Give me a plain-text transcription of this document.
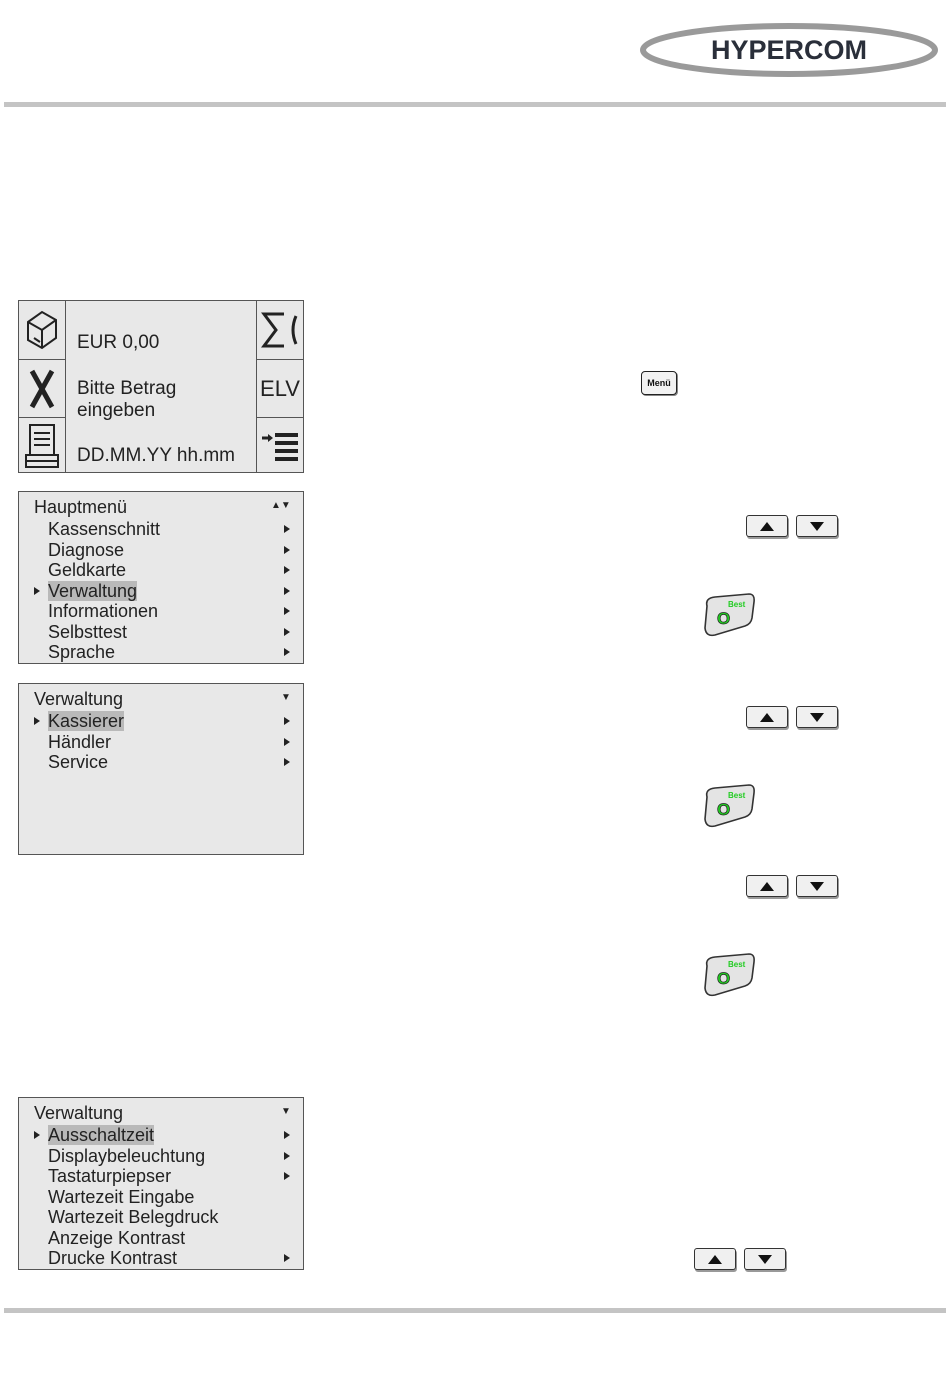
HYPERCOM
EUR 0,00
Bitte Betrag
eingeben
DD.MM.YY hh.mm
ELV	Menü
Hauptmenü	▲▼
Kassenschnitt
Diagnose
Geldkarte
Verwaltung
Informationen
Selbsttest
Sprache
Verwaltung	▼
Kassierer
Händler
Service
Verwaltung	▼
Ausschaltzeit
Displaybeleuchtung
Tastaturpiepser
Wartezeit Eingabe
Wartezeit Belegdruck
Anzeige Kontrast
Drucke Kontrast
O
Best
O
Best
O
Best
